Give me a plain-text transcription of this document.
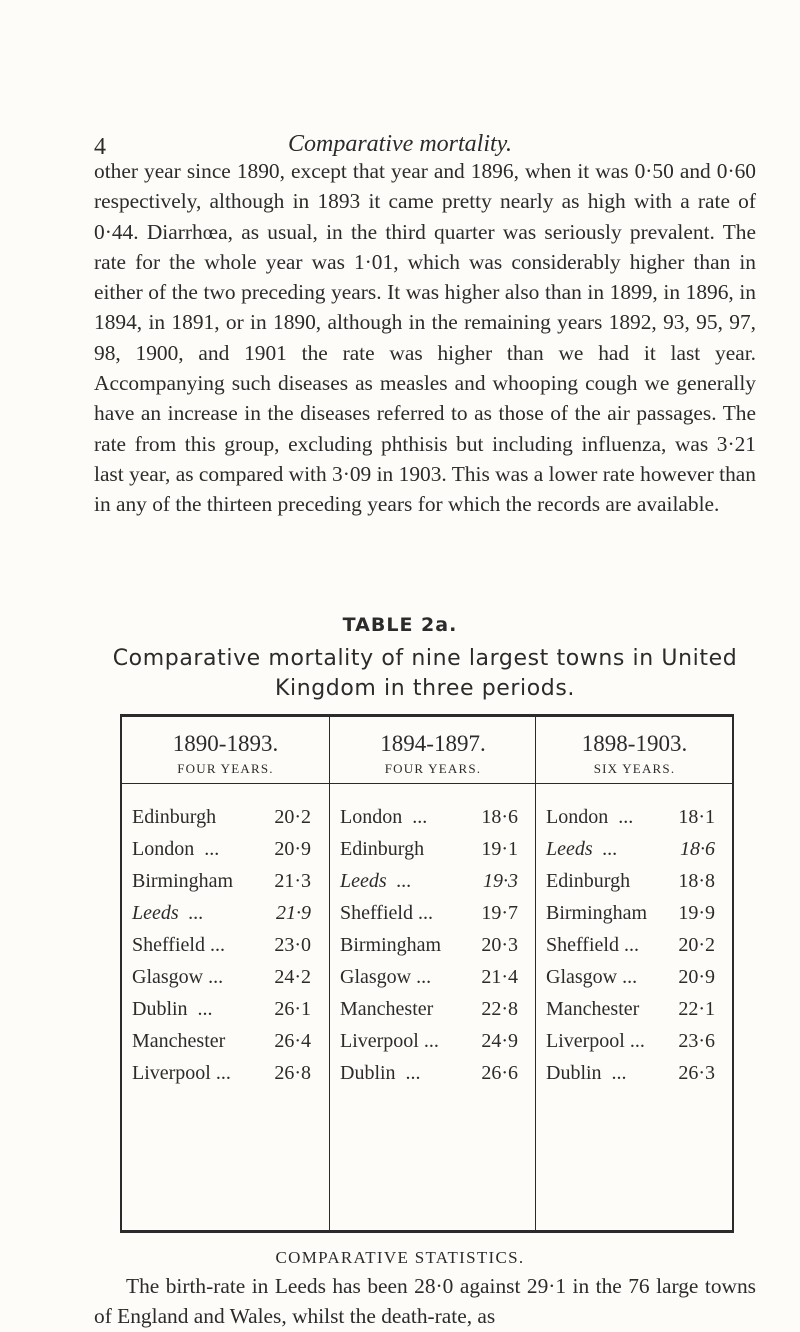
4	Comparative mortality.

other year since 1890, except that year and 1896, when it was 0·50 and 0·60 respectively, although in 1893 it came pretty nearly as high with a rate of 0·44. Diarrhœa, as usual, in the third quarter was seriously prevalent. The rate for the whole year was 1·01, which was considerably higher than in either of the two preceding years. It was higher also than in 1899, in 1896, in 1894, in 1891, or in 1890, although in the remaining years 1892, 93, 95, 97, 98, 1900, and 1901 the rate was higher than we had it last year. Accompanying such diseases as measles and whooping cough we generally have an increase in the diseases referred to as those of the air passages. The rate from this group, excluding phthisis but including influenza, was 3·21 last year, as compared with 3·09 in 1903. This was a lower rate however than in any of the thirteen preceding years for which the records are available.

TABLE 2a.
Comparative mortality of nine largest towns in United Kingdom in three periods.
1890-1893.
FOUR YEARS.
Edinburgh	20·2
London  ...	20·9
Birmingham 21·3
Leeds  ...	21·9
Sheffield ... 23·0
Glasgow ...	24·2
Dublin  ...	26·1
Manchester 26·4
Liverpool ... 26·8
1894-1897.
FOUR YEARS.
London  ...	18·6
Edinburgh	19·1
Leeds  ...	19·3
Sheffield ... 19·7
Birmingham 20·3
Glasgow ...	21·4
Manchester 22·8
Liverpool ... 24·9
Dublin  ...	26·6
1898-1903.
SIX YEARS.
London  ... 18·1
Leeds  ...	18·6
Edinburgh 18·8
Birmingham 19·9
Sheffield ... 20·2
Glasgow ... 20·9
Manchester 22·1
Liverpool ... 23·6
Dublin  ...	26·3
COMPARATIVE STATISTICS.

The birth-rate in Leeds has been 28·0 against 29·1 in the 76 large towns of England and Wales, whilst the death-rate, as
